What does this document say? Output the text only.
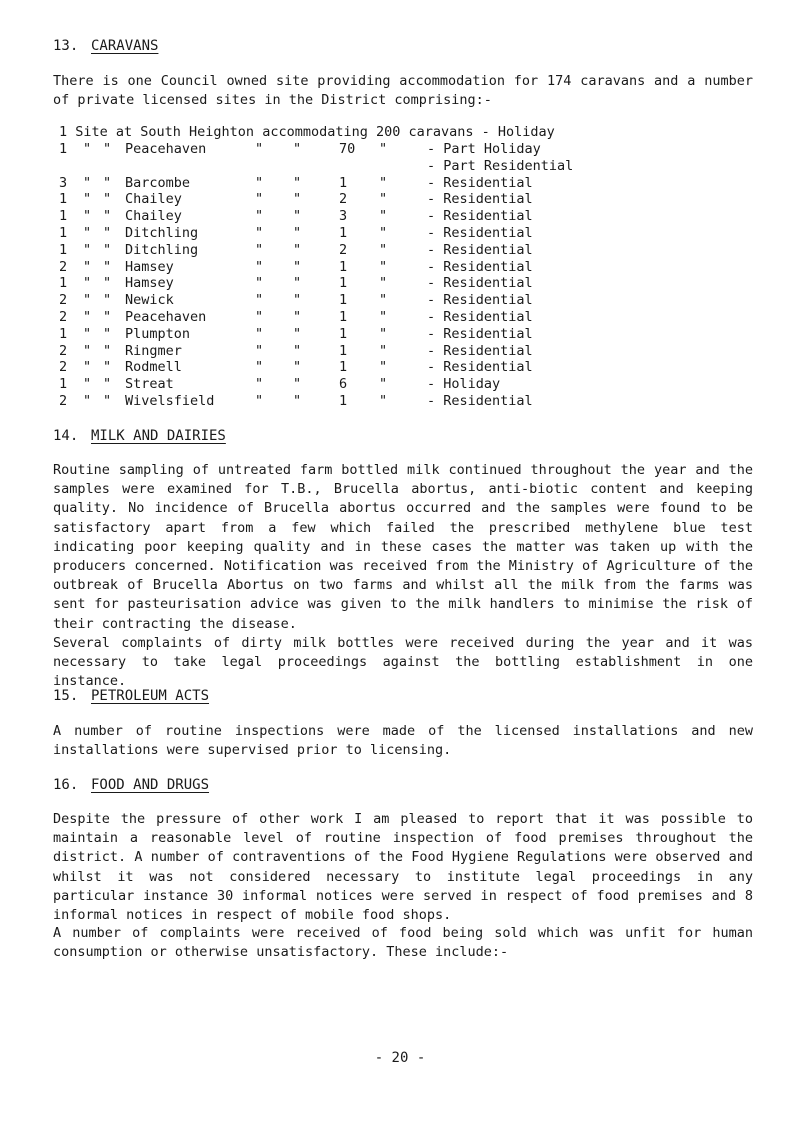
13. CARAVANS

There is one Council owned site providing accommodation for 174 caravans and a number of private licensed sites in the District comprising:-

1 Site at South Heighton accommodating 200 caravans - Holiday
1	"	"	Peacehaven	"	"	70	"	- Part Holiday
								- Part Residential
3	"	"	Barcombe	"	"	1	"	- Residential
1	"	"	Chailey	"	"	2	"	- Residential
1	"	"	Chailey	"	"	3	"	- Residential
1	"	"	Ditchling	"	"	1	"	- Residential
1	"	"	Ditchling	"	"	2	"	- Residential
2	"	"	Hamsey	"	"	1	"	- Residential
1	"	"	Hamsey	"	"	1	"	- Residential
2	"	"	Newick	"	"	1	"	- Residential
2	"	"	Peacehaven	"	"	1	"	- Residential
1	"	"	Plumpton	"	"	1	"	- Residential
2	"	"	Ringmer	"	"	1	"	- Residential
2	"	"	Rodmell	"	"	1	"	- Residential
1	"	"	Streat	"	"	6	"	- Holiday
2	"	"	Wivelsfield	"	"	1	"	- Residential
14. MILK AND DAIRIES

Routine sampling of untreated farm bottled milk continued throughout the year and the samples were examined for T.B., Brucella abortus, anti-biotic content and keeping quality. No incidence of Brucella abortus occurred and the samples were found to be satisfactory apart from a few which failed the prescribed methylene blue test indicating poor keeping quality and in these cases the matter was taken up with the producers concerned. Notification was received from the Ministry of Agriculture of the outbreak of Brucella Abortus on two farms and whilst all the milk from the farms was sent for pasteurisation advice was given to the milk handlers to minimise the risk of their contracting the disease.

Several complaints of dirty milk bottles were received during the year and it was necessary to take legal proceedings against the bottling establishment in one instance.

15. PETROLEUM ACTS

A number of routine inspections were made of the licensed installations and new installations were supervised prior to licensing.

16. FOOD AND DRUGS

Despite the pressure of other work I am pleased to report that it was possible to maintain a reasonable level of routine inspection of food premises throughout the district. A number of contraventions of the Food Hygiene Regulations were observed and whilst it was not considered necessary to institute legal proceedings in any particular instance 30 informal notices were served in respect of food premises and 8 informal notices in respect of mobile food shops.

A number of complaints were received of food being sold which was unfit for human consumption or otherwise unsatisfactory. These include:-

- 20 -
